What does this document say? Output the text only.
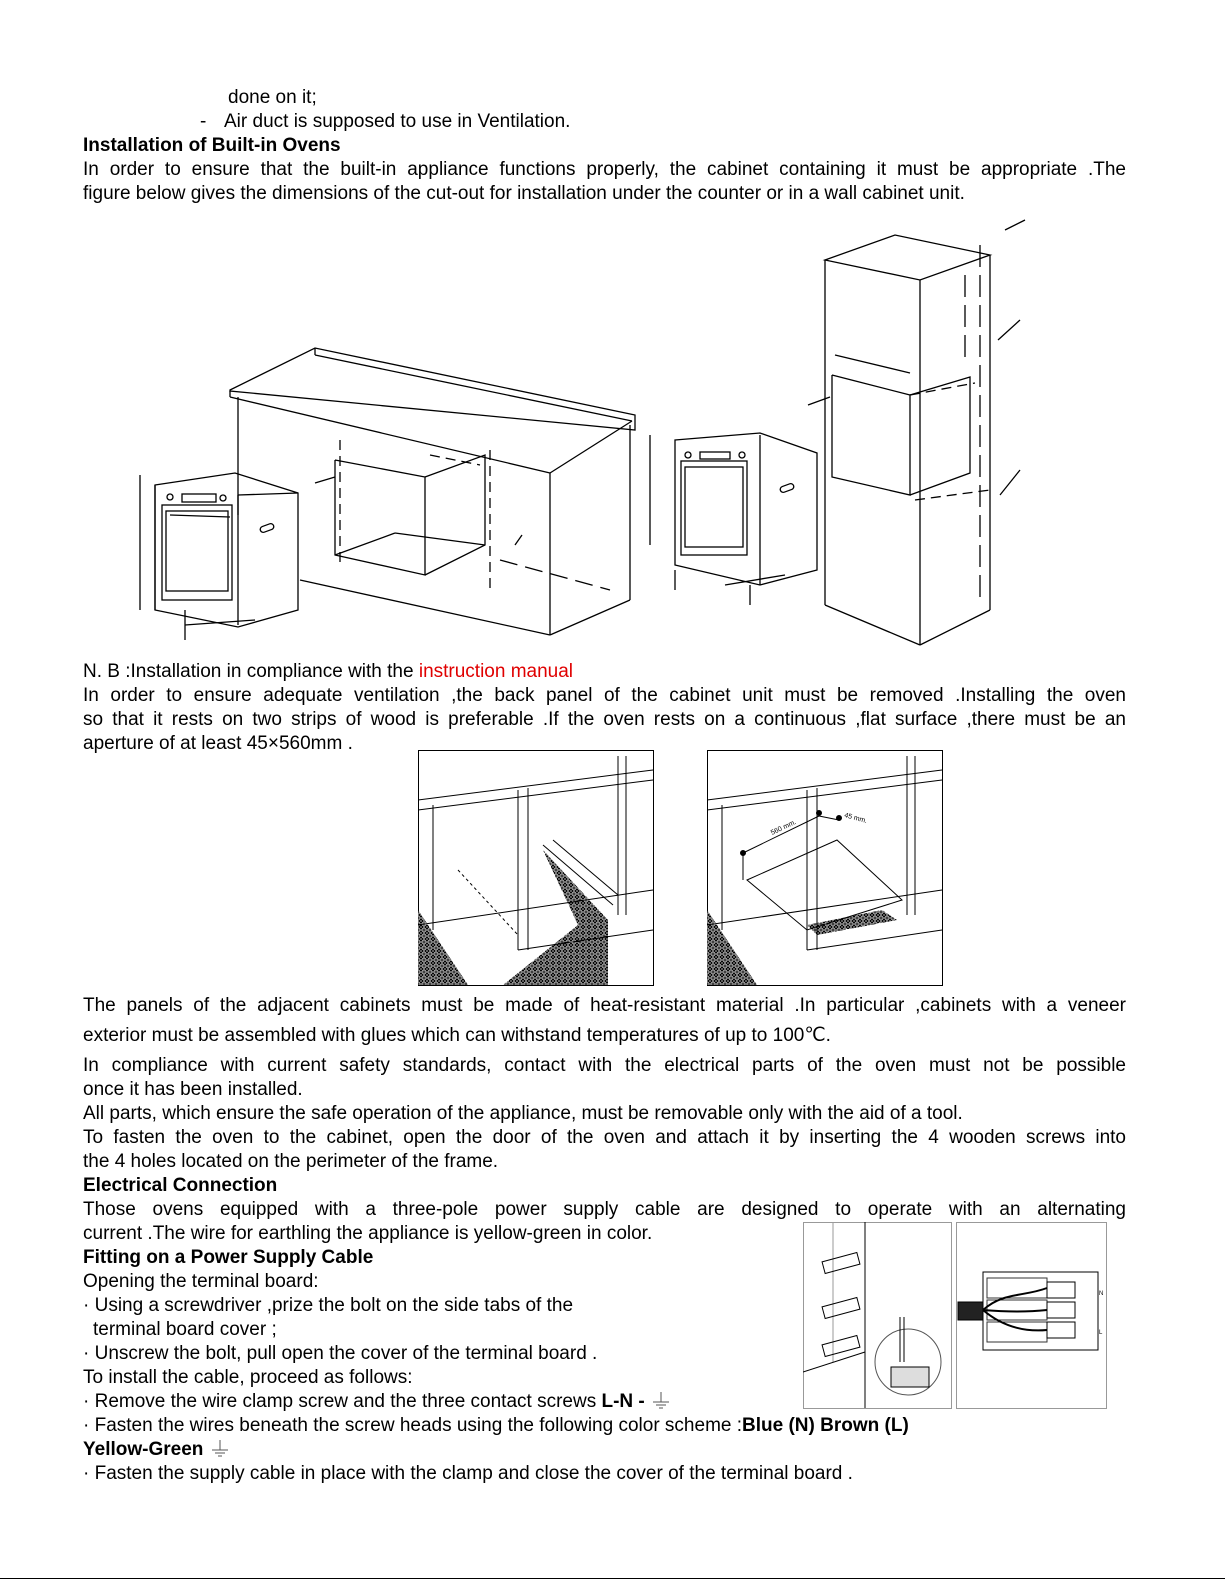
done on it;
- Air duct is supposed to use in Ventilation.
Installation of Built-in Ovens
In order to ensure that the built-in appliance functions properly, the cabinet containing it must be appropriate .The
figure below gives the dimensions of the cut-out for installation under the counter or in a wall cabinet unit.
N. B :Installation in compliance with the instruction manual
In order to ensure adequate ventilation ,the back panel of the cabinet unit must be removed .Installing the oven
so that it rests on two strips of wood is preferable .If the oven rests on a continuous ,flat surface ,there must be an
aperture of at least 45×560mm .
560 mm.
45 mm.
The panels of the adjacent cabinets must be made of heat-resistant material .In particular ,cabinets with a veneer
exterior must be assembled with glues which can withstand temperatures of up to 100℃.
In compliance with current safety standards, contact with the electrical parts of the oven must not be possible
once it has been installed.
All parts, which ensure the safe operation of the appliance, must be removable only with the aid of a tool.
To fasten the oven to the cabinet, open the door of the oven and attach it by inserting the 4 wooden screws into
the 4 holes located on the perimeter of the frame.
Electrical Connection
Those ovens equipped with a three-pole power supply cable are designed to operate with an alternating
current .The wire for earthling the appliance is yellow-green in color.
Fitting on a Power Supply Cable
Opening the terminal board:
· Using a screwdriver ,prize the bolt on the side tabs of the
terminal board cover ;
· Unscrew the bolt, pull open the cover of the terminal board .
To install the cable, proceed as follows:
· Remove the wire clamp screw and the three contact screws L-N -
· Fasten the wires beneath the screw heads using the following color scheme :Blue (N) Brown (L)
Yellow-Green
· Fasten the supply cable in place with the clamp and close the cover of the terminal board .
N
L
